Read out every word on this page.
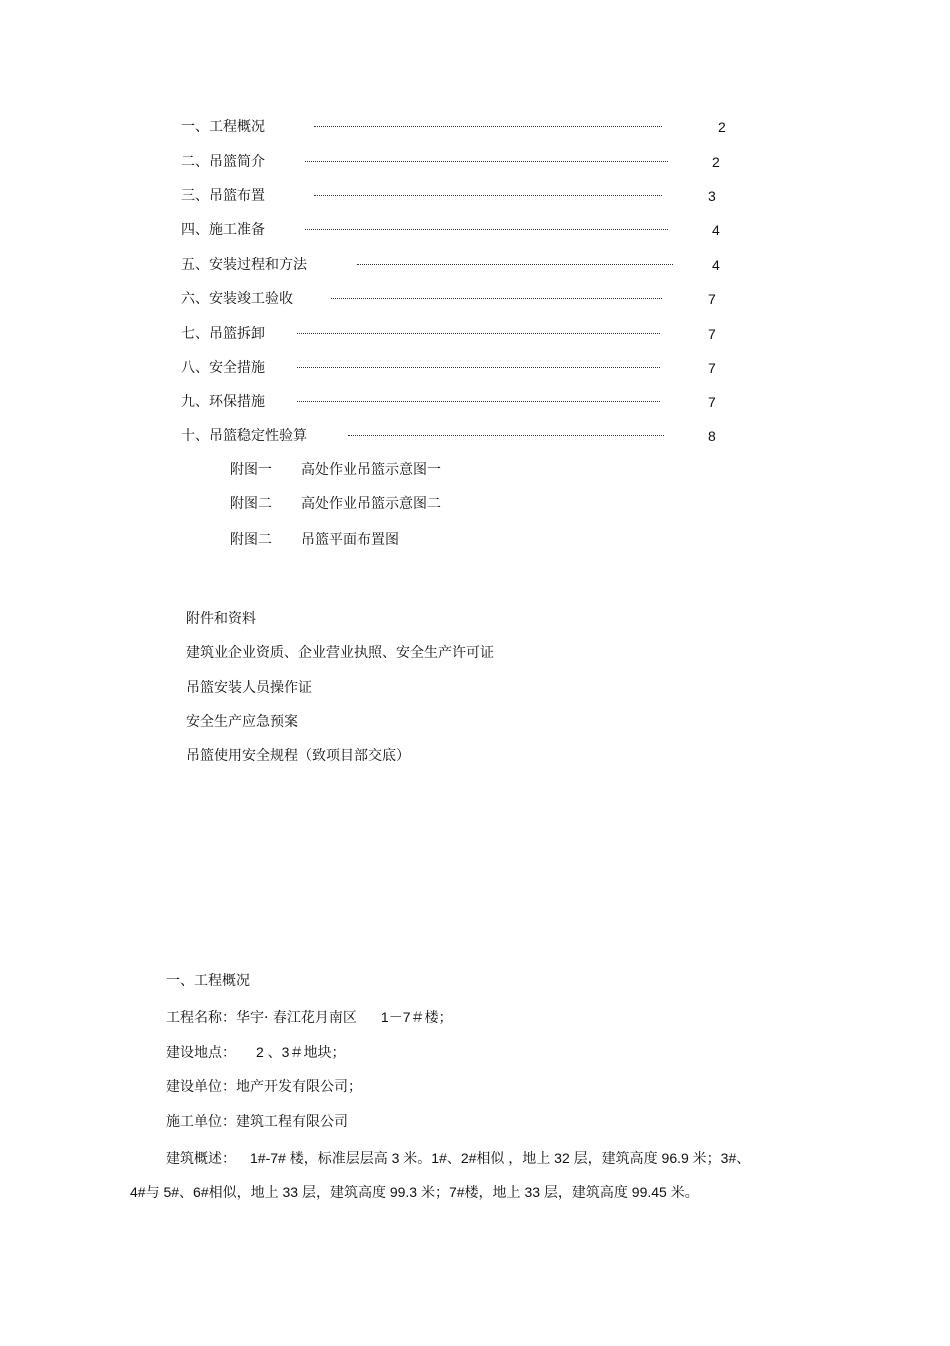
一、工程概况	2
二、吊篮简介	2
三、吊篮布置	3
四、施工准备	4
五、安装过程和方法	4
六、安装竣工验收	7
七、吊篮拆卸	7
八、安全措施	7
九、环保措施	7
十、吊篮稳定性验算	8
附图一 高处作业吊篮示意图一
附图二 高处作业吊篮示意图二
附图二 吊篮平面布置图
附件和资料
建筑业企业资质、企业营业执照、安全生产许可证
吊篮安装人员操作证
安全生产应急预案
吊篮使用安全规程（致项目部交底）
一、工程概况
工程名称：华宇· 春江花月南区 1－7＃楼；
建设地点： 2 、3＃地块；
建设单位：地产开发有限公司；
施工单位：建筑工程有限公司
建筑概述： 1#-7# 楼，标准层层高 3 米。1#、2#相似 ，地上 32 层，建筑高度 96.9 米；3#、
4#与 5#、6#相似，地上 33 层，建筑高度 99.3 米；7#楼，地上 33 层，建筑高度 99.45 米。
